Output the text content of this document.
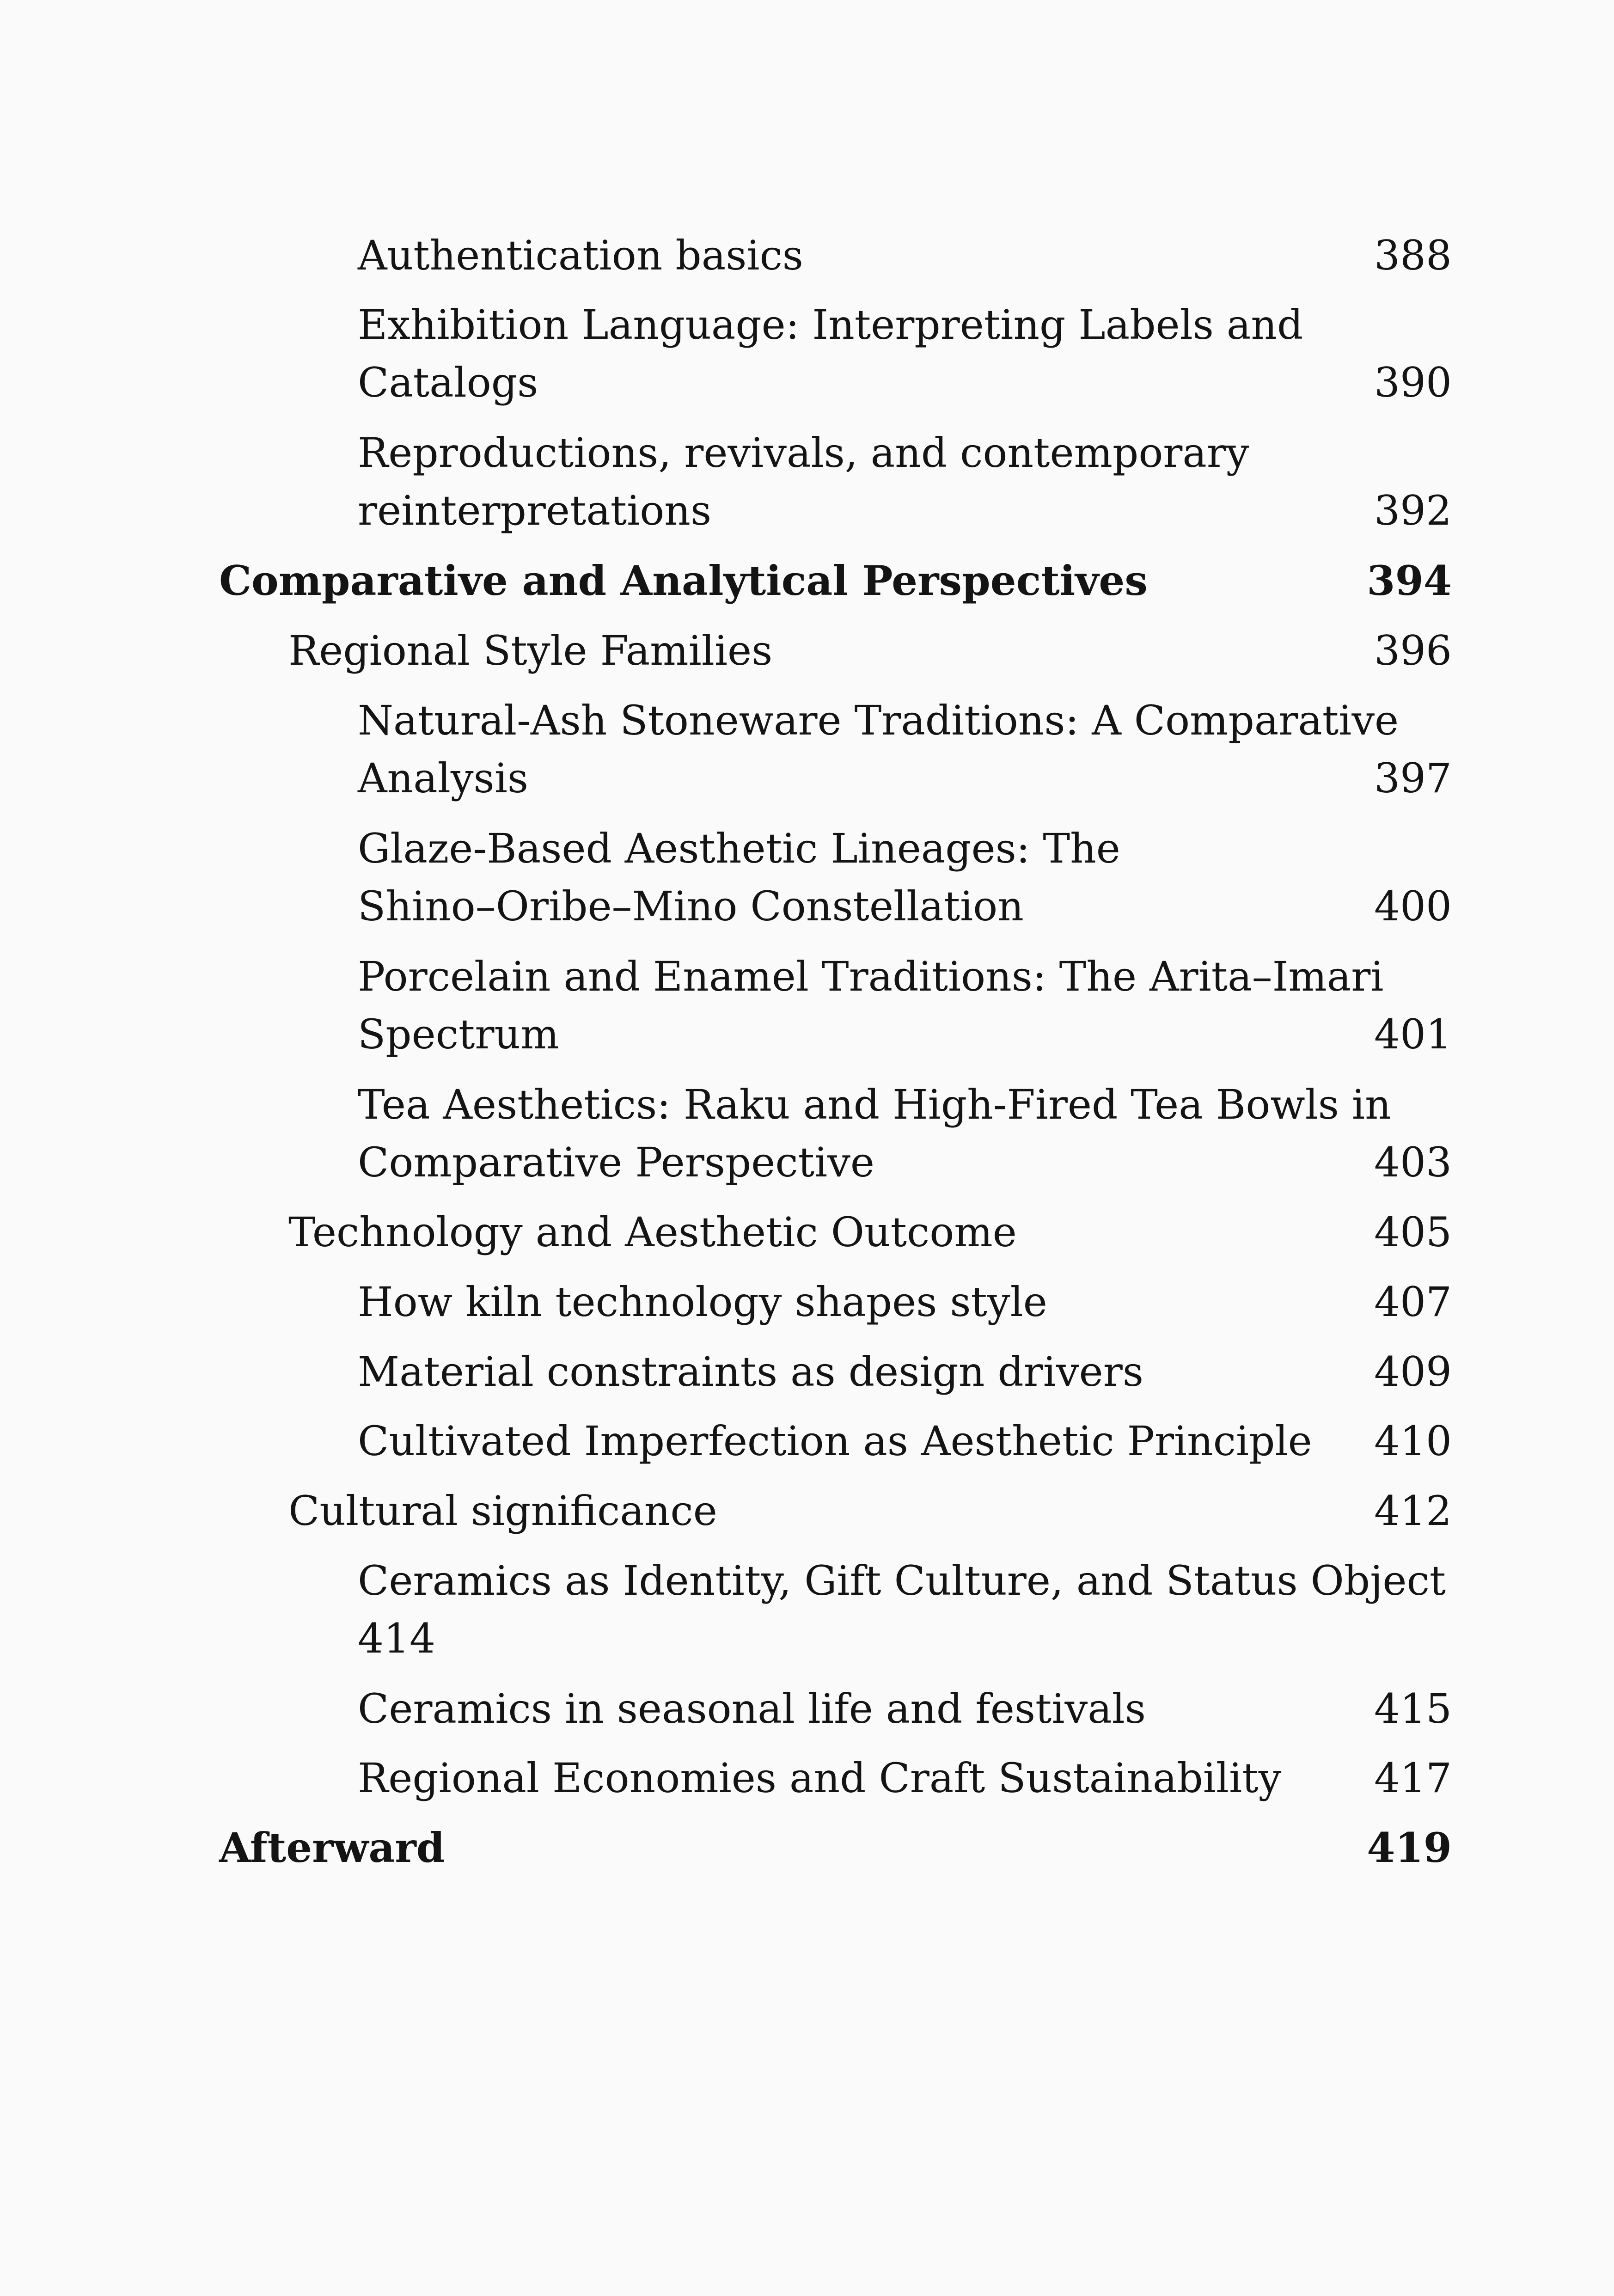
Authentication basics	388
Exhibition Language: Interpreting Labels and
Catalogs	390
Reproductions, revivals, and contemporary
reinterpretations	392
Comparative and Analytical Perspectives	394
Regional Style Families	396
Natural-Ash Stoneware Traditions: A Comparative
Analysis	397
Glaze-Based Aesthetic Lineages: The
Shino–Oribe–Mino Constellation	400
Porcelain and Enamel Traditions: The Arita–Imari
Spectrum	401
Tea Aesthetics: Raku and High-Fired Tea Bowls in
Comparative Perspective	403
Technology and Aesthetic Outcome	405
How kiln technology shapes style	407
Material constraints as design drivers	409
Cultivated Imperfection as Aesthetic Principle 410
Cultural significance	412
Ceramics as Identity, Gift Culture, and Status Object
414
Ceramics in seasonal life and festivals	415
Regional Economies and Craft Sustainability 417
Afterward	419
